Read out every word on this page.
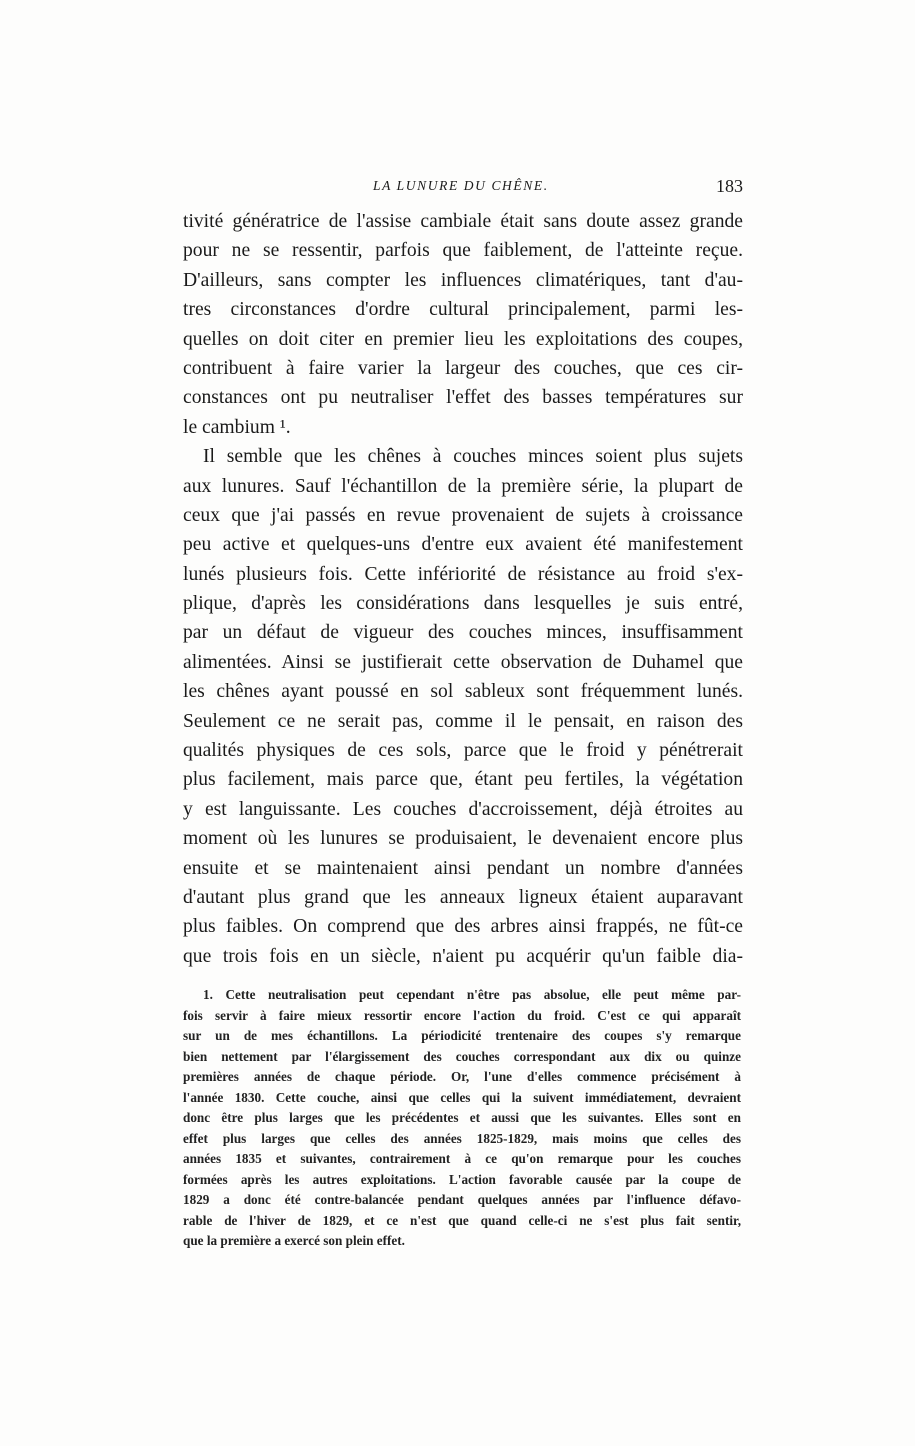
LA LUNURE DU CHÊNE.	183
tivité génératrice de l'assise cambiale était sans doute assez grande
pour ne se ressentir, parfois que faiblement, de l'atteinte reçue.
D'ailleurs, sans compter les influences climatériques, tant d'au-
tres circonstances d'ordre cultural principalement, parmi les-
quelles on doit citer en premier lieu les exploitations des coupes,
contribuent à faire varier la largeur des couches, que ces cir-
constances ont pu neutraliser l'effet des basses températures sur
le cambium ¹.
Il semble que les chênes à couches minces soient plus sujets
aux lunures. Sauf l'échantillon de la première série, la plupart de
ceux que j'ai passés en revue provenaient de sujets à croissance
peu active et quelques-uns d'entre eux avaient été manifestement
lunés plusieurs fois. Cette infériorité de résistance au froid s'ex-
plique, d'après les considérations dans lesquelles je suis entré,
par un défaut de vigueur des couches minces, insuffisamment
alimentées. Ainsi se justifierait cette observation de Duhamel que
les chênes ayant poussé en sol sableux sont fréquemment lunés.
Seulement ce ne serait pas, comme il le pensait, en raison des
qualités physiques de ces sols, parce que le froid y pénétrerait
plus facilement, mais parce que, étant peu fertiles, la végétation
y est languissante. Les couches d'accroissement, déjà étroites au
moment où les lunures se produisaient, le devenaient encore plus
ensuite et se maintenaient ainsi pendant un nombre d'années
d'autant plus grand que les anneaux ligneux étaient auparavant
plus faibles. On comprend que des arbres ainsi frappés, ne fût-ce
que trois fois en un siècle, n'aient pu acquérir qu'un faible dia-
1. Cette neutralisation peut cependant n'être pas absolue, elle peut même par-
fois servir à faire mieux ressortir encore l'action du froid. C'est ce qui apparaît
sur un de mes échantillons. La périodicité trentenaire des coupes s'y remarque
bien nettement par l'élargissement des couches correspondant aux dix ou quinze
premières années de chaque période. Or, l'une d'elles commence précisément à
l'année 1830. Cette couche, ainsi que celles qui la suivent immédiatement, devraient
donc être plus larges que les précédentes et aussi que les suivantes. Elles sont en
effet plus larges que celles des années 1825-1829, mais moins que celles des
années 1835 et suivantes, contrairement à ce qu'on remarque pour les couches
formées après les autres exploitations. L'action favorable causée par la coupe de
1829 a donc été contre-balancée pendant quelques années par l'influence défavo-
rable de l'hiver de 1829, et ce n'est que quand celle-ci ne s'est plus fait sentir,
que la première a exercé son plein effet.
